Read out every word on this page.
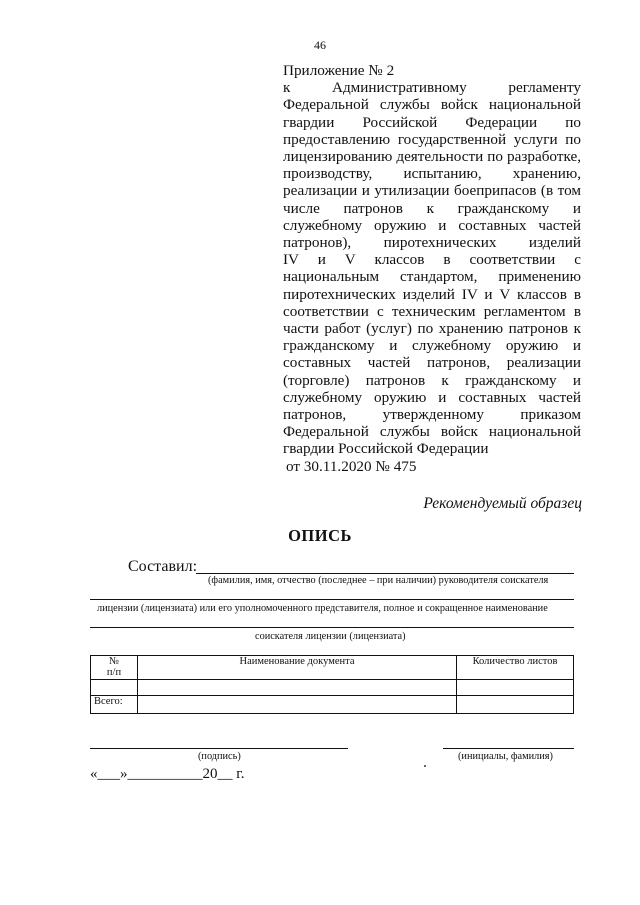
46
Приложение № 2
к Административному регламенту
Федеральной службы войск национальной
гвардии Российской Федерации по
предоставлению государственной услуги по
лицензированию деятельности по разработке,
производству, испытанию, хранению,
реализации и утилизации боеприпасов (в том
числе патронов к гражданскому и
служебному оружию и составных частей
патронов), пиротехнических изделий
IV и V классов в соответствии с
национальным стандартом, применению
пиротехнических изделий IV и V классов в
соответствии с техническим регламентом в
части работ (услуг) по хранению патронов к
гражданскому и служебному оружию и
составных частей патронов, реализации
(торговле) патронов к гражданскому и
служебному оружию и составных частей
патронов, утвержденному приказом
Федеральной службы войск национальной
гвардии Российской Федерации
от 30.11.2020 № 475
Рекомендуемый образец
ОПИСЬ
Составил:
(фамилия, имя, отчество (последнее – при наличии) руководителя соискателя
лицензии (лицензиата) или его уполномоченного представителя, полное и сокращенное наименование
соискателя лицензии (лицензиата)
№
п/п	Наименование документа	Количество листов

Всего:		
(подпись)	(инициалы, фамилия)
«___»__________20__ г.
